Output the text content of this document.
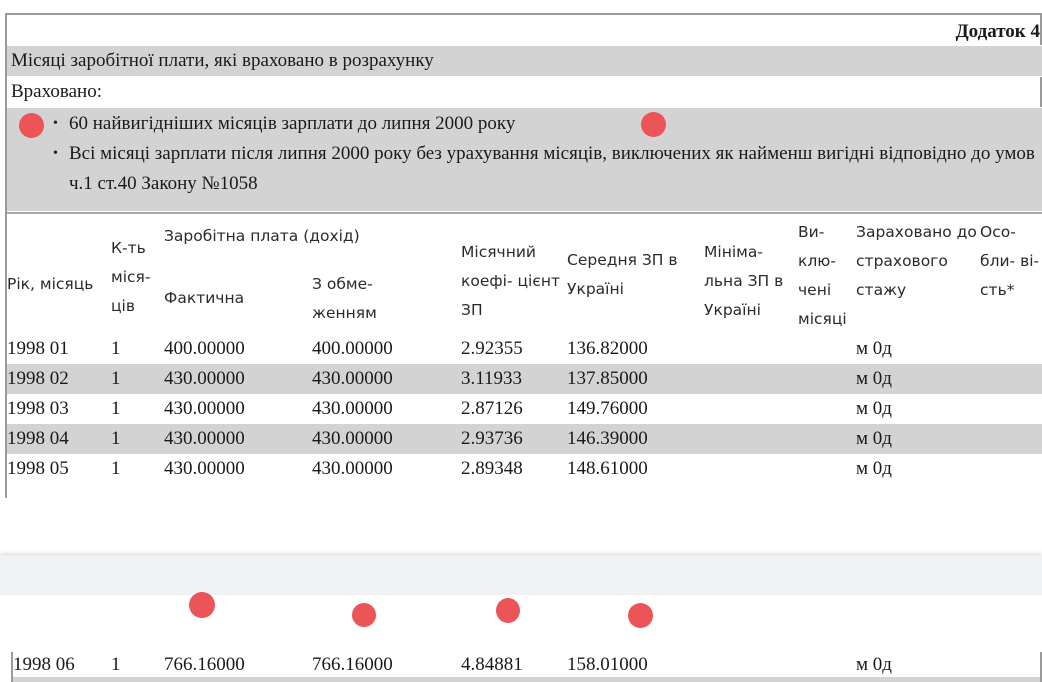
Додаток 4
Місяці заробітної плати, які враховано в розрахунку
Враховано:
• 60 найвигідніших місяців зарплати до липня 2000 року
• Всі місяці зарплати після липня 2000 року без урахування місяців, виключених як найменш вигідні відповідно до умов ч.1 ст.40 Закону №1058
Рік, місяць	К-ть міся- ців	Заробітна плата (дохід)		Місячний коефі- цієнт ЗП	Середня ЗП в Україні	Мініма- льна ЗП в Україні	Ви- клю- чені місяці	Зараховано до страхового стажу	Осо- бли- ві- сть*
		Фактична	З обме- женням						
1998 01	1	400.00000	400.00000	2.92355	136.82000			м 0д	
1998 02	1	430.00000	430.00000	3.11933	137.85000			м 0д	
1998 03	1	430.00000	430.00000	2.87126	149.76000			м 0д	
1998 04	1	430.00000	430.00000	2.93736	146.39000			м 0д	
1998 05	1	430.00000	430.00000	2.89348	148.61000			м 0д	
1998 06	1	766.16000	766.16000	4.84881	158.01000			м 0д	
